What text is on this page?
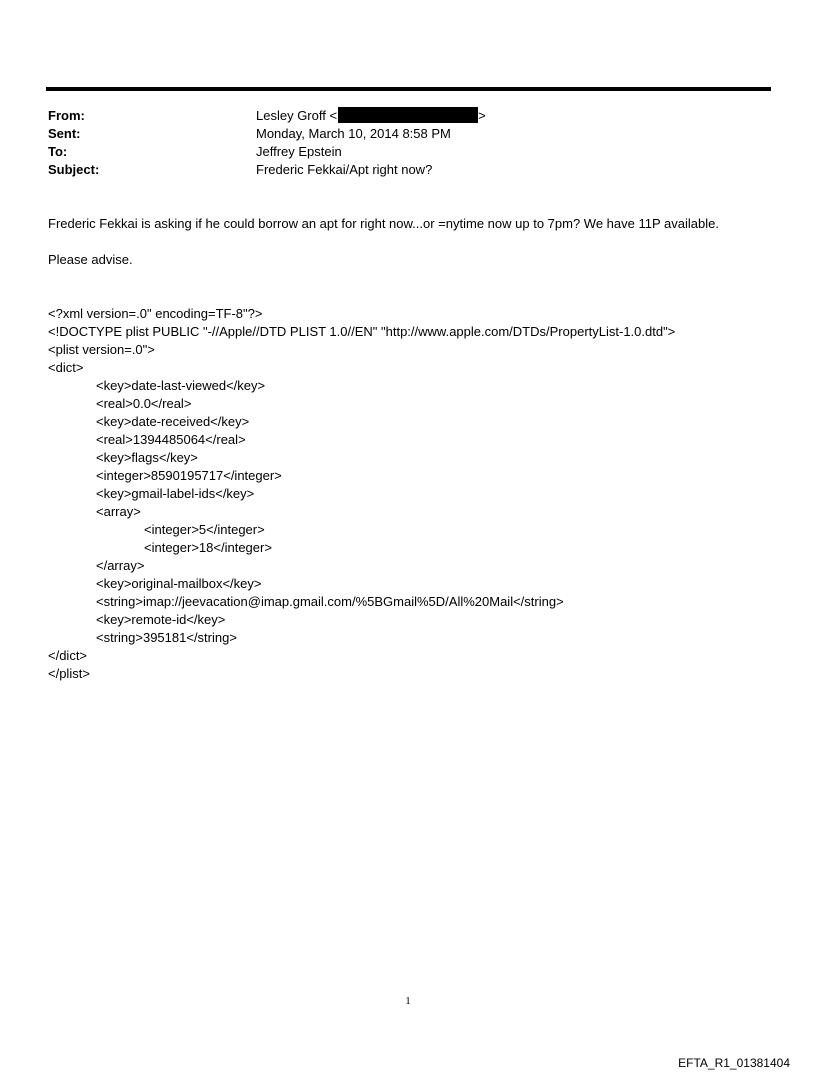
From:	Lesley Groff <	>
Sent:	Monday, March 10, 2014 8:58 PM
To:	Jeffrey Epstein
Subject:	Frederic Fekkai/Apt right now?
Frederic Fekkai is asking if he could borrow an apt for right now...or =nytime now up to 7pm? We have 11P available.
Please advise.
<?xml version=.0" encoding=TF-8"?>
<!DOCTYPE plist PUBLIC "-//Apple//DTD PLIST 1.0//EN" "http://www.apple.com/DTDs/PropertyList-1.0.dtd">
<plist version=.0">
<dict>
<key>date-last-viewed</key>
<real>0.0</real>
<key>date-received</key>
<real>1394485064</real>
<key>flags</key>
<integer>8590195717</integer>
<key>gmail-label-ids</key>
<array>
<integer>5</integer>
<integer>18</integer>
</array>
<key>original-mailbox</key>
<string>imap://jeevacation@imap.gmail.com/%5BGmail%5D/All%20Mail</string>
<key>remote-id</key>
<string>395181</string>
</dict>
</plist>
1
EFTA_R1_01381404
